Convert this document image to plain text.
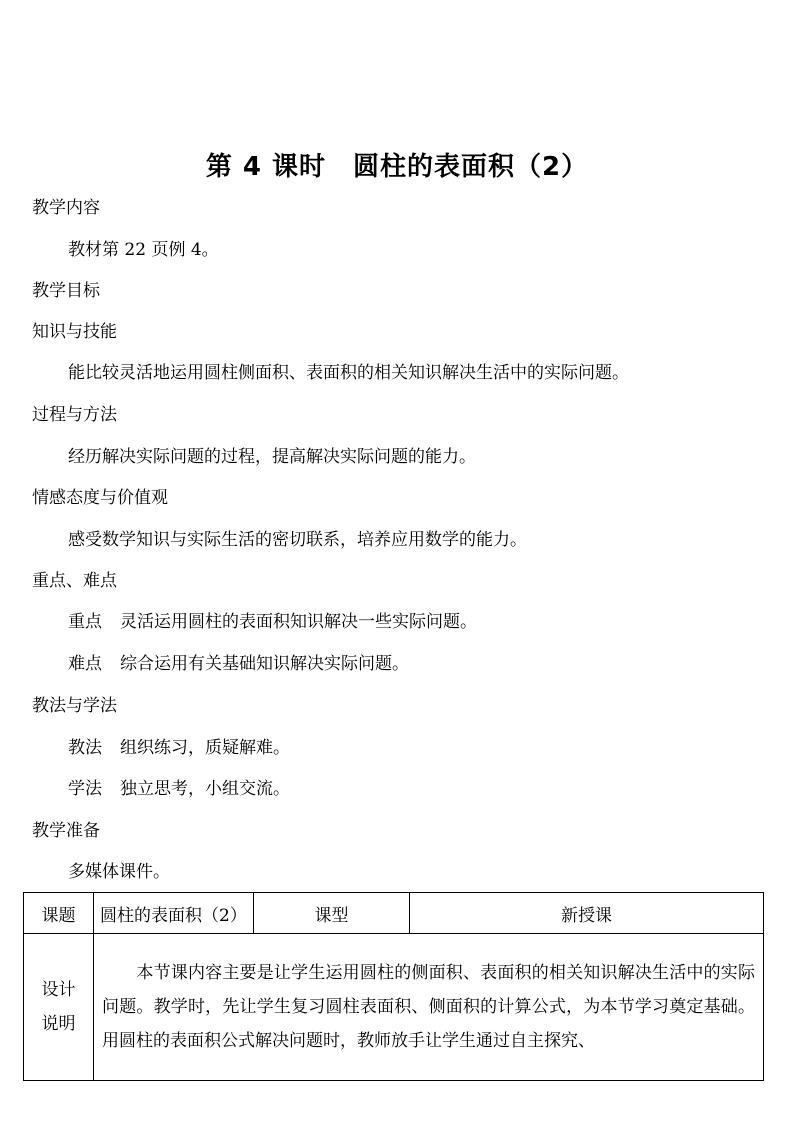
第 4 课时　圆柱的表面积（2）
教学内容
教材第 22 页例 4。
教学目标
知识与技能
能比较灵活地运用圆柱侧面积、表面积的相关知识解决生活中的实际问题。
过程与方法
经历解决实际问题的过程，提高解决实际问题的能力。
情感态度与价值观
感受数学知识与实际生活的密切联系，培养应用数学的能力。
重点、难点
重点 灵活运用圆柱的表面积知识解决一些实际问题。
难点 综合运用有关基础知识解决实际问题。
教法与学法
教法 组织练习，质疑解难。
学法 独立思考，小组交流。
教学准备
多媒体课件。
课题	圆柱的表面积（2）	课型	新授课

设计
说明	　　本节课内容主要是让学生运用圆柱的侧面积、表面积的相关知识解决生活中的实际问题。教学时，先让学生复习圆柱表面积、侧面积的计算公式，为本节学习奠定基础。用圆柱的表面积公式解决问题时，教师放手让学生通过自主探究、		
